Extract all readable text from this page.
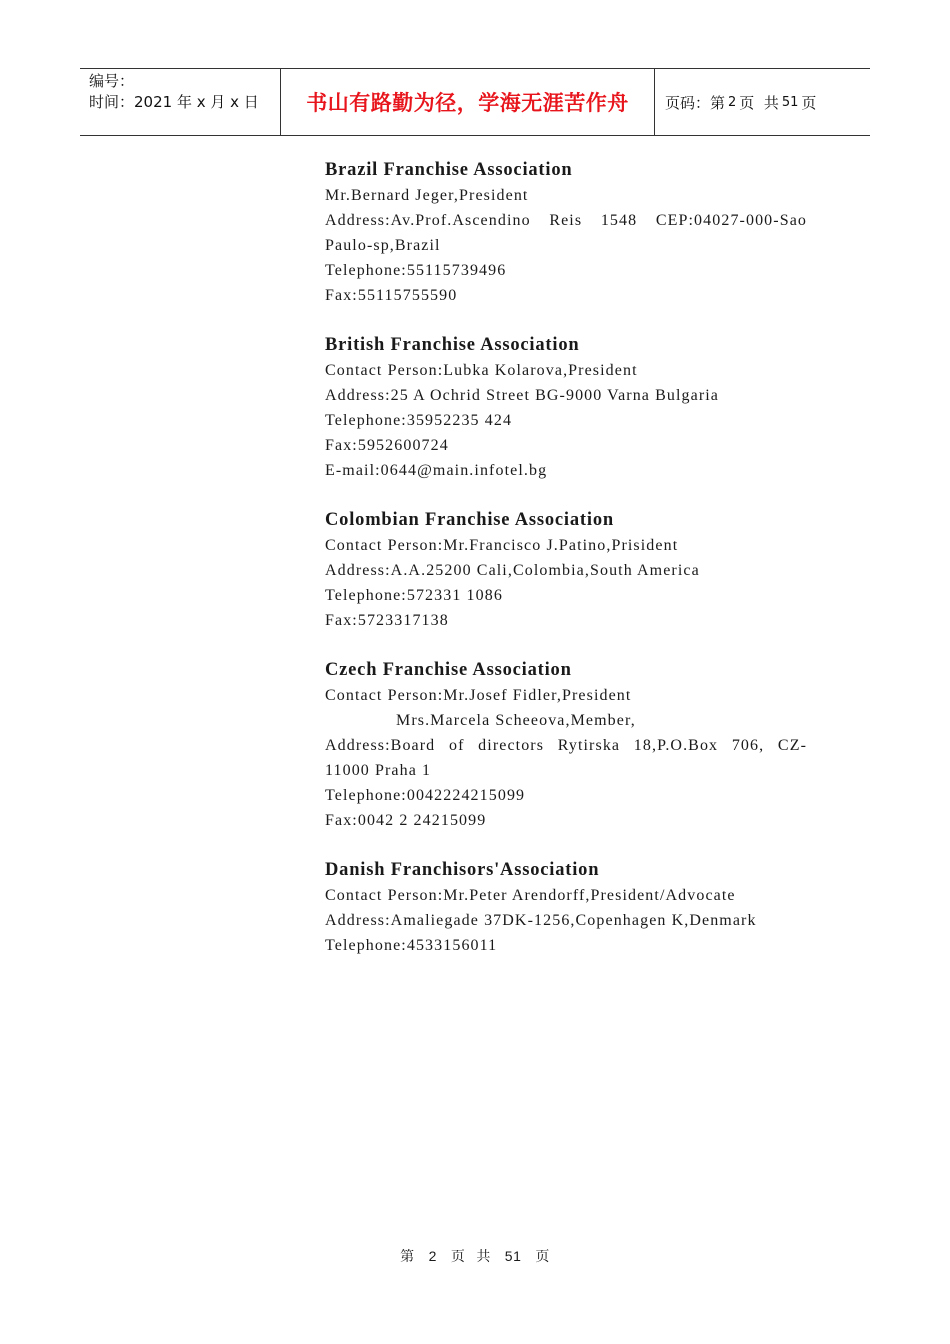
编号：
时间：2021 年 x 月 x 日	书山有路勤为径，学海无涯苦作舟 页码：第 2 页  共 51 页
Brazil Franchise Association
Mr.Bernard Jeger,President
Address:Av.Prof.Ascendino Reis 1548 CEP:04027-000-Sao
Paulo-sp,Brazil
Telephone:55115739496
Fax:55115755590
British Franchise Association
Contact Person:Lubka Kolarova,President
Address:25 A Ochrid Street BG-9000 Varna Bulgaria
Telephone:35952235 424
Fax:5952600724
E-mail:0644@main.infotel.bg
Colombian Franchise Association
Contact Person:Mr.Francisco J.Patino,Prisident
Address:A.A.25200 Cali,Colombia,South America
Telephone:572331 1086
Fax:5723317138
Czech Franchise Association
Contact Person:Mr.Josef Fidler,President
Mrs.Marcela Scheeova,Member,
Address:Board of directors Rytirska 18,P.O.Box 706, CZ-
11000 Praha 1
Telephone:0042224215099
Fax:0042 2 24215099
Danish Franchisors'Association
Contact Person:Mr.Peter Arendorff,President/Advocate
Address:Amaliegade 37DK-1256,Copenhagen K,Denmark
Telephone:4533156011
第 2 页 共 51 页
